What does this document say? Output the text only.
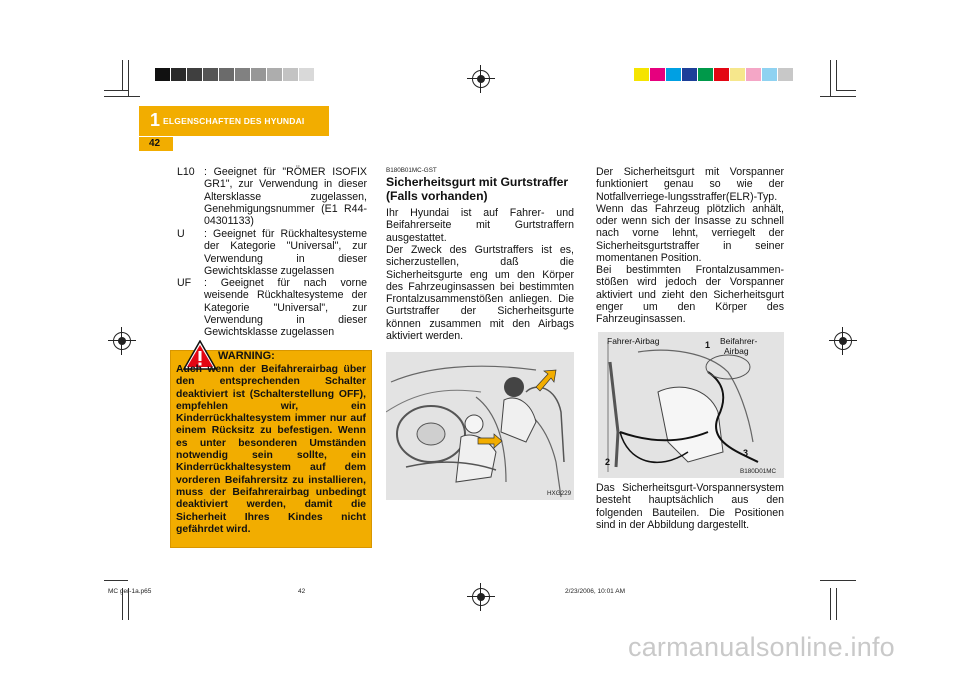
1 ELGENSCHAFTEN DES HYUNDAI
42
L10 : Geeignet für "RÖMER ISOFIX GR1", zur Verwendung in dieser Altersklasse zugelassen, Genehmigungsnummer (E1 R44-04301133)
U : Geeignet für Rückhaltesysteme der Kategorie "Universal", zur Verwendung in dieser Gewichtsklasse zugelassen
UF : Geeignet für nach vorne weisende Rückhaltesysteme der Kategorie "Universal", zur Verwendung in dieser Gewichtsklasse zugelassen
WARNING:
Auch wenn der Beifahrerairbag über den entsprechenden Schalter deaktiviert ist (Schalterstellung OFF), empfehlen wir, ein Kinderrückhaltesystem immer nur auf einem Rücksitz zu befestigen. Wenn es unter besonderen Umständen notwendig sein sollte, ein Kinderrückhaltesystem auf dem vorderen Beifahrersitz zu installieren, muss der Beifahrerairbag unbedingt deaktiviert werden, damit die Sicherheit Ihres Kindes nicht gefährdet wird.
B180B01MC-GST
Sicherheitsgurt mit Gurtstraffer (Falls vorhanden)
Ihr Hyundai ist auf Fahrer- und Beifahrerseite mit Gurtstraffern ausgestattet.
Der Zweck des Gurtstraffers ist es, sicherzustellen, daß die Sicherheitsgurte eng um den Körper des Fahrzeuginsassen bei bestimmten Frontalzusammenstößen anliegen. Die Gurtstraffer der Sicherheitsgurte können zusammen mit den Airbags aktiviert werden.
HXG229
Der Sicherheitsgurt mit Vorspanner funktioniert genau so wie der Notfallverriege-lungsstraffer(ELR)-Typ. Wenn das Fahrzeug plötzlich anhält, oder wenn sich der Insasse zu schnell nach vorne lehnt, verriegelt der Sicherheitsgurtstraffer in seiner momentanen Position.
Bei bestimmten Frontalzusammen-stößen wird jedoch der Vorspanner aktiviert und zieht den Sicherheitsgurt enger um den Körper des Fahrzeuginsassen.
Fahrer-Airbag	Beifahrer-
Airbag
1
2
3
B180D01MC
Das Sicherheitsgurt-Vorspannersystem besteht hauptsächlich aus den folgenden Bauteilen. Die Positionen sind in der Abbildung dargestellt.
MC ger-1a.p65	42	2/23/2006, 10:01 AM
carmanualsonline.info
